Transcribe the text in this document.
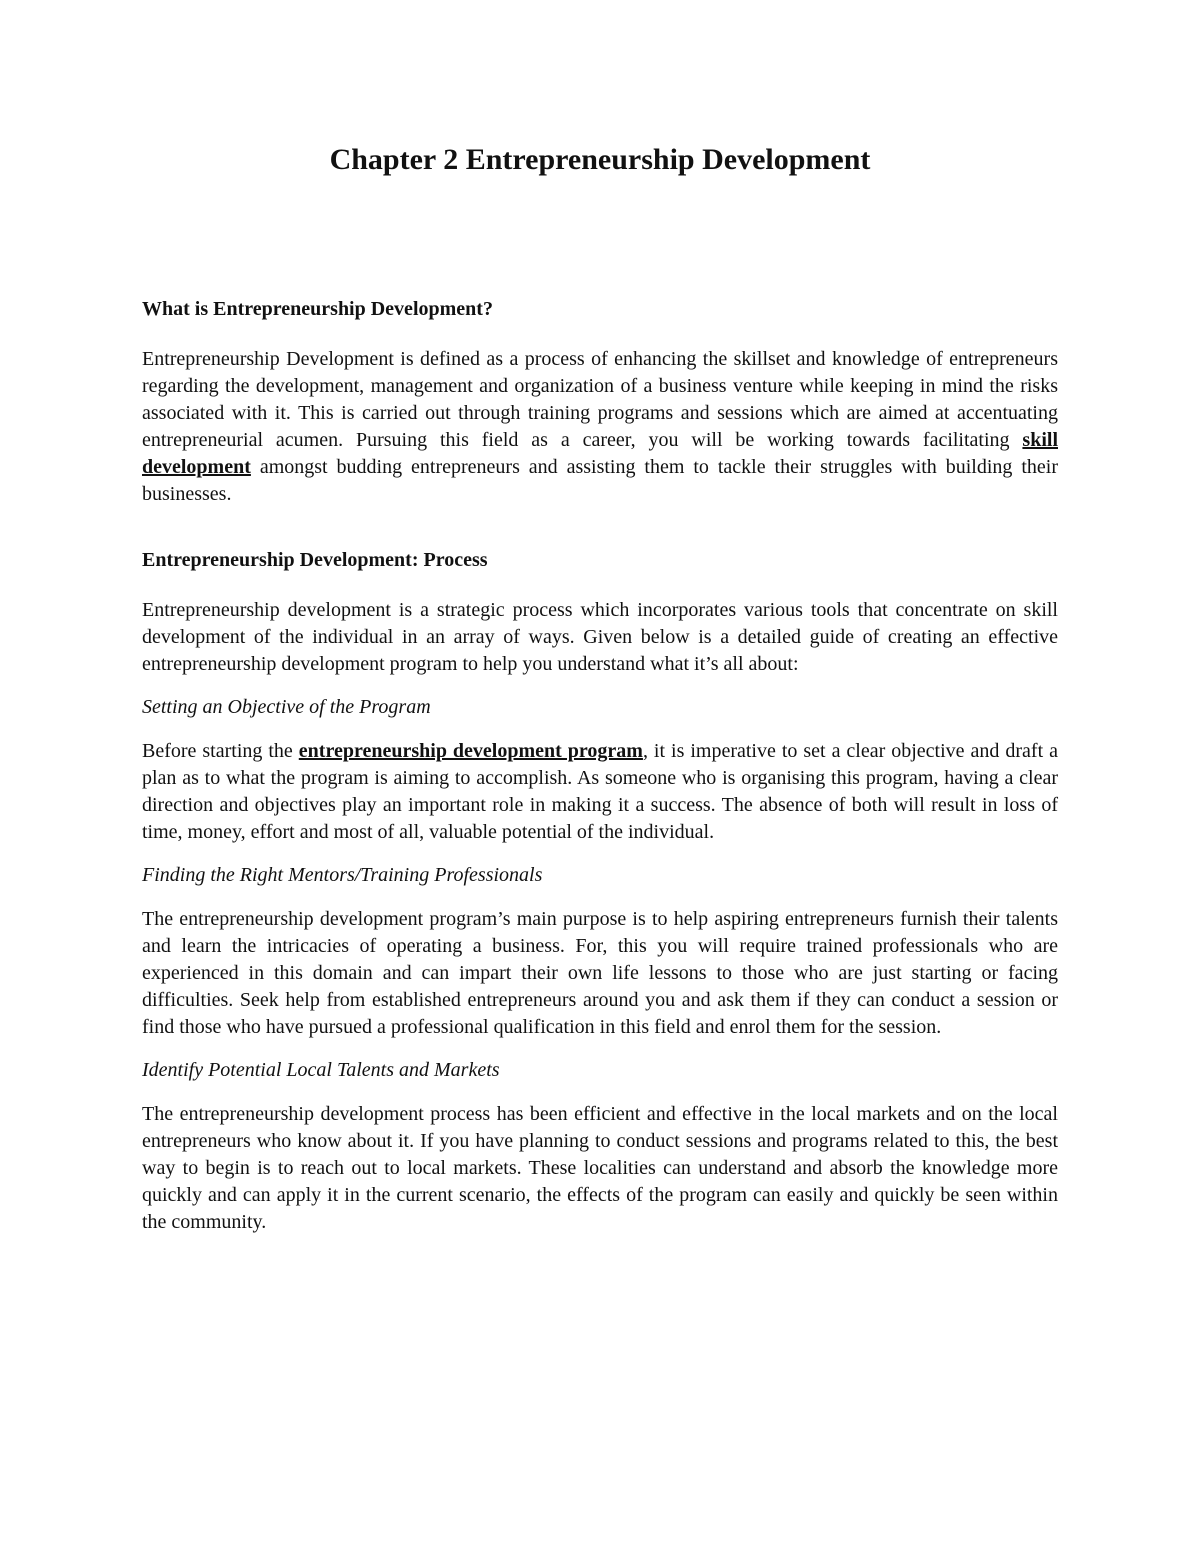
Chapter 2 Entrepreneurship Development
What is Entrepreneurship Development?

Entrepreneurship Development is defined as a process of enhancing the skillset and knowledge of entrepreneurs regarding the development, management and organization of a business venture while keeping in mind the risks associated with it. This is carried out through training programs and sessions which are aimed at accentuating entrepreneurial acumen. Pursuing this field as a career, you will be working towards facilitating skill development amongst budding entrepreneurs and assisting them to tackle their struggles with building their businesses.

Entrepreneurship Development: Process

Entrepreneurship development is a strategic process which incorporates various tools that concentrate on skill development of the individual in an array of ways. Given below is a detailed guide of creating an effective entrepreneurship development program to help you understand what it’s all about:

Setting an Objective of the Program

Before starting the entrepreneurship development program, it is imperative to set a clear objective and draft a plan as to what the program is aiming to accomplish. As someone who is organising this program, having a clear direction and objectives play an important role in making it a success. The absence of both will result in loss of time, money, effort and most of all, valuable potential of the individual.

Finding the Right Mentors/Training Professionals

The entrepreneurship development program’s main purpose is to help aspiring entrepreneurs furnish their talents and learn the intricacies of operating a business. For, this you will require trained professionals who are experienced in this domain and can impart their own life lessons to those who are just starting or facing difficulties. Seek help from established entrepreneurs around you and ask them if they can conduct a session or find those who have pursued a professional qualification in this field and enrol them for the session.

Identify Potential Local Talents and Markets

The entrepreneurship development process has been efficient and effective in the local markets and on the local entrepreneurs who know about it. If you have planning to conduct sessions and programs related to this, the best way to begin is to reach out to local markets. These localities can understand and absorb the knowledge more quickly and can apply it in the current scenario, the effects of the program can easily and quickly be seen within the community.
